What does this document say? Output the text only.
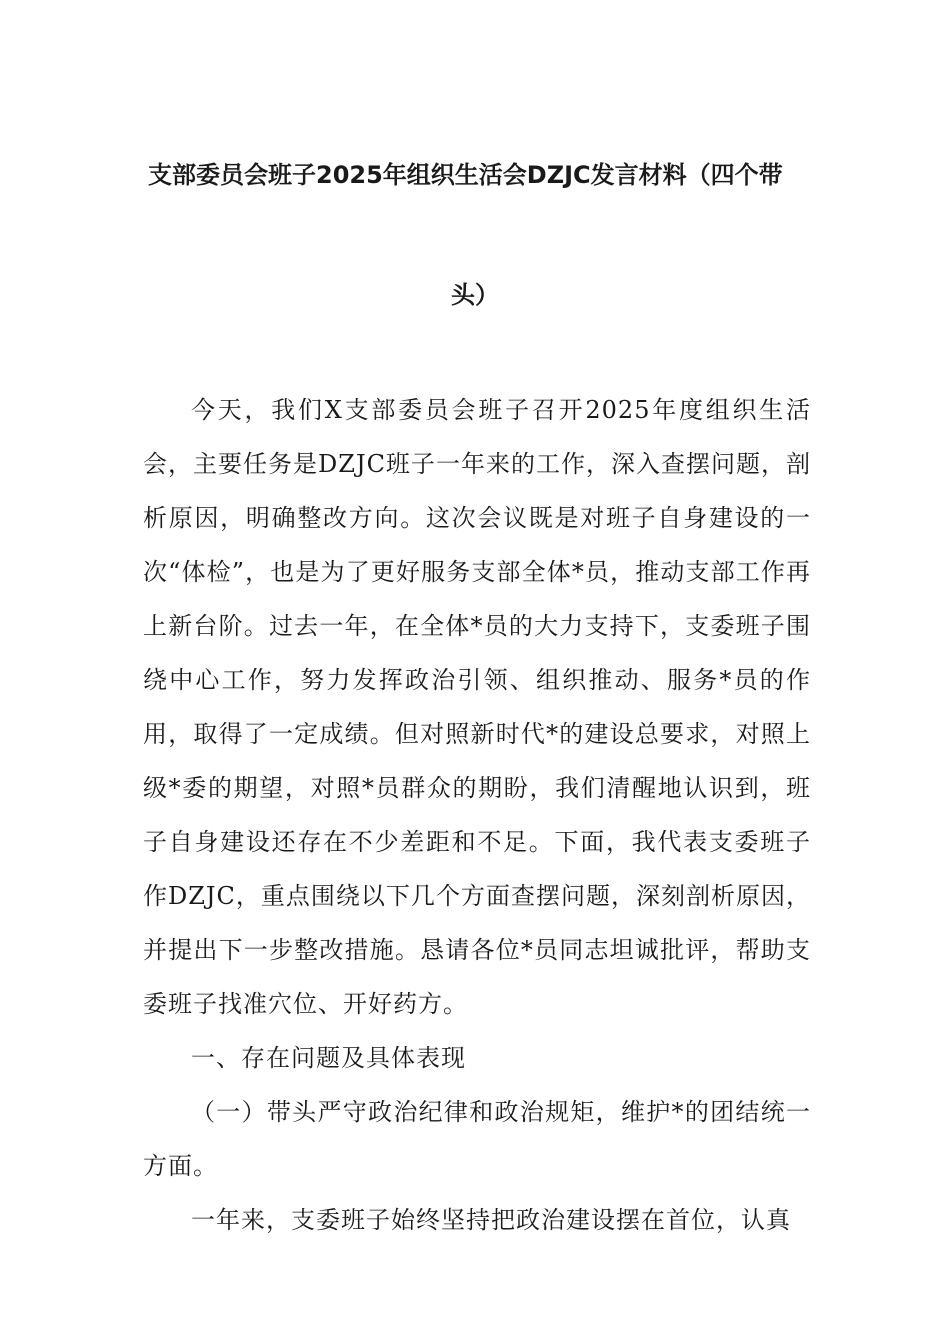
支部委员会班子2025年组织生活会DZJC发言材料（四个带
头）

今天，我们X支部委员会班子召开2025年度组织生活会，主要任务是DZJC班子一年来的工作，深入查摆问题，剖析原因，明确整改方向。这次会议既是对班子自身建设的一次“体检”，也是为了更好服务支部全体*员，推动支部工作再上新台阶。过去一年，在全体*员的大力支持下，支委班子围绕中心工作，努力发挥政治引领、组织推动、服务*员的作用，取得了一定成绩。但对照新时代*的建设总要求，对照上级*委的期望，对照*员群众的期盼，我们清醒地认识到，班子自身建设还存在不少差距和不足。下面，我代表支委班子作DZJC，重点围绕以下几个方面查摆问题，深刻剖析原因，并提出下一步整改措施。恳请各位*员同志坦诚批评，帮助支委班子找准穴位、开好药方。

一、存在问题及具体表现

（一）带头严守政治纪律和政治规矩，维护*的团结统一方面。

一年来，支委班子始终坚持把政治建设摆在首位，认真
